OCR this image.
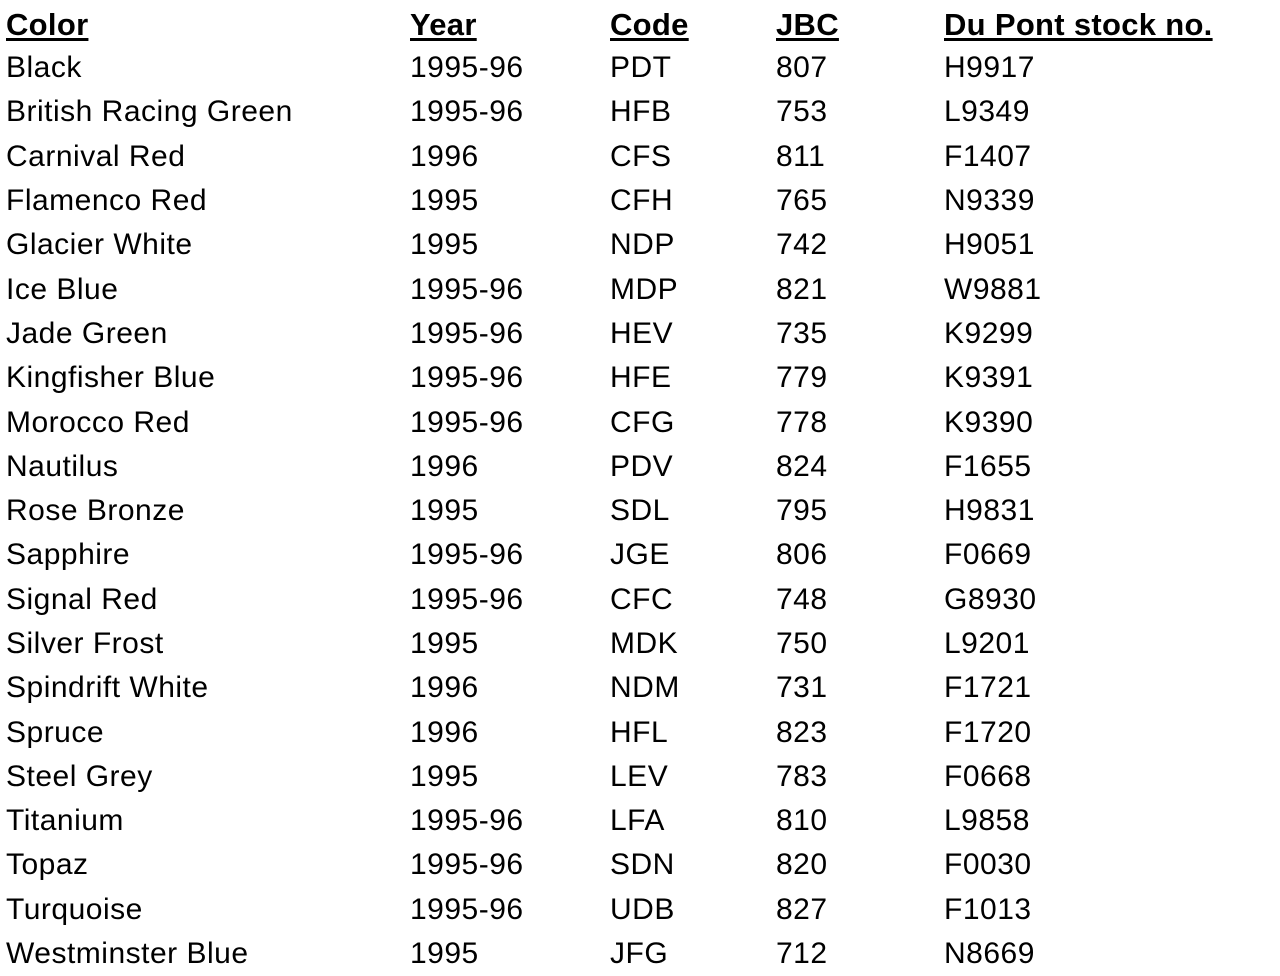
Color	Year	Code	JBC	Du Pont stock no.
Black	1995-96	PDT	807	H9917
British Racing Green	1995-96	HFB	753	L9349
Carnival Red	1996	CFS	811	F1407
Flamenco Red	1995	CFH	765	N9339
Glacier White	1995	NDP	742	H9051
Ice Blue	1995-96	MDP	821	W9881
Jade Green	1995-96	HEV	735	K9299
Kingfisher Blue	1995-96	HFE	779	K9391
Morocco Red	1995-96	CFG	778	K9390
Nautilus	1996	PDV	824	F1655
Rose Bronze	1995	SDL	795	H9831
Sapphire	1995-96	JGE	806	F0669
Signal Red	1995-96	CFC	748	G8930
Silver Frost	1995	MDK	750	L9201
Spindrift White	1996	NDM	731	F1721
Spruce	1996	HFL	823	F1720
Steel Grey	1995	LEV	783	F0668
Titanium	1995-96	LFA	810	L9858
Topaz	1995-96	SDN	820	F0030
Turquoise	1995-96	UDB	827	F1013
Westminster Blue	1995	JFG	712	N8669
